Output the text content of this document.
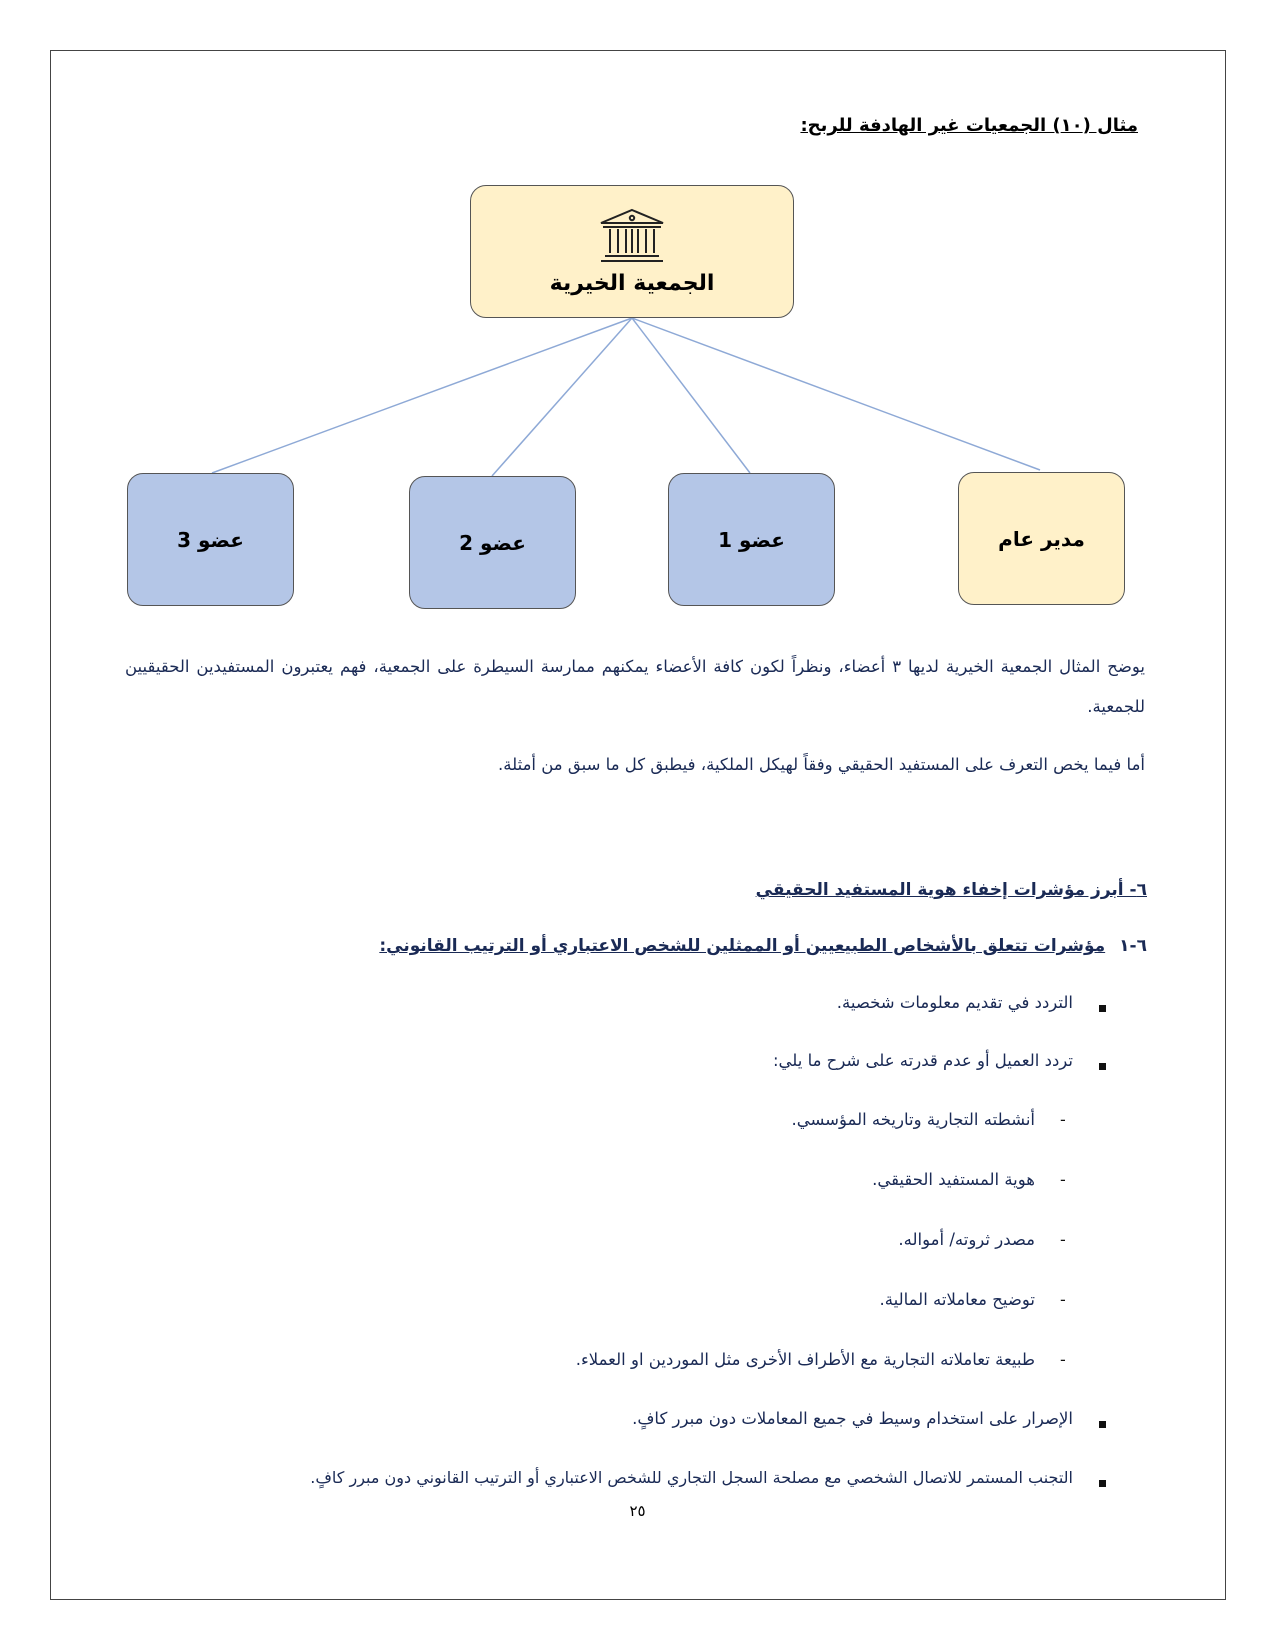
مثال (١٠) الجمعيات غير الهادفة للربح:
الجمعية الخيرية
مدير عام
عضو 1
عضو 2
عضو 3
يوضح المثال الجمعية الخيرية لديها ٣ أعضاء، ونظراً لكون كافة الأعضاء يمكنهم ممارسة السيطرة على الجمعية، فهم يعتبرون المستفيدين الحقيقيين للجمعية.
أما فيما يخص التعرف على المستفيد الحقيقي وفقاً لهيكل الملكية، فيطبق كل ما سبق من أمثلة.
٦- أبرز مؤشرات إخفاء هوية المستفيد الحقيقي
٦-١مؤشرات تتعلق بالأشخاص الطبيعيين أو الممثلين للشخص الاعتباري أو الترتيب القانوني:
التردد في تقديم معلومات شخصية.
تردد العميل أو عدم قدرته على شرح ما يلي:
-
أنشطته التجارية وتاريخه المؤسسي.
-
هوية المستفيد الحقيقي.
-
مصدر ثروته/ أمواله.
-
توضيح معاملاته المالية.
-
طبيعة تعاملاته التجارية مع الأطراف الأخرى مثل الموردين او العملاء.
الإصرار على استخدام وسيط في جميع المعاملات دون مبرر كافٍ.
التجنب المستمر للاتصال الشخصي مع مصلحة السجل التجاري للشخص الاعتباري أو الترتيب القانوني دون مبرر كافٍ.
٢٥
